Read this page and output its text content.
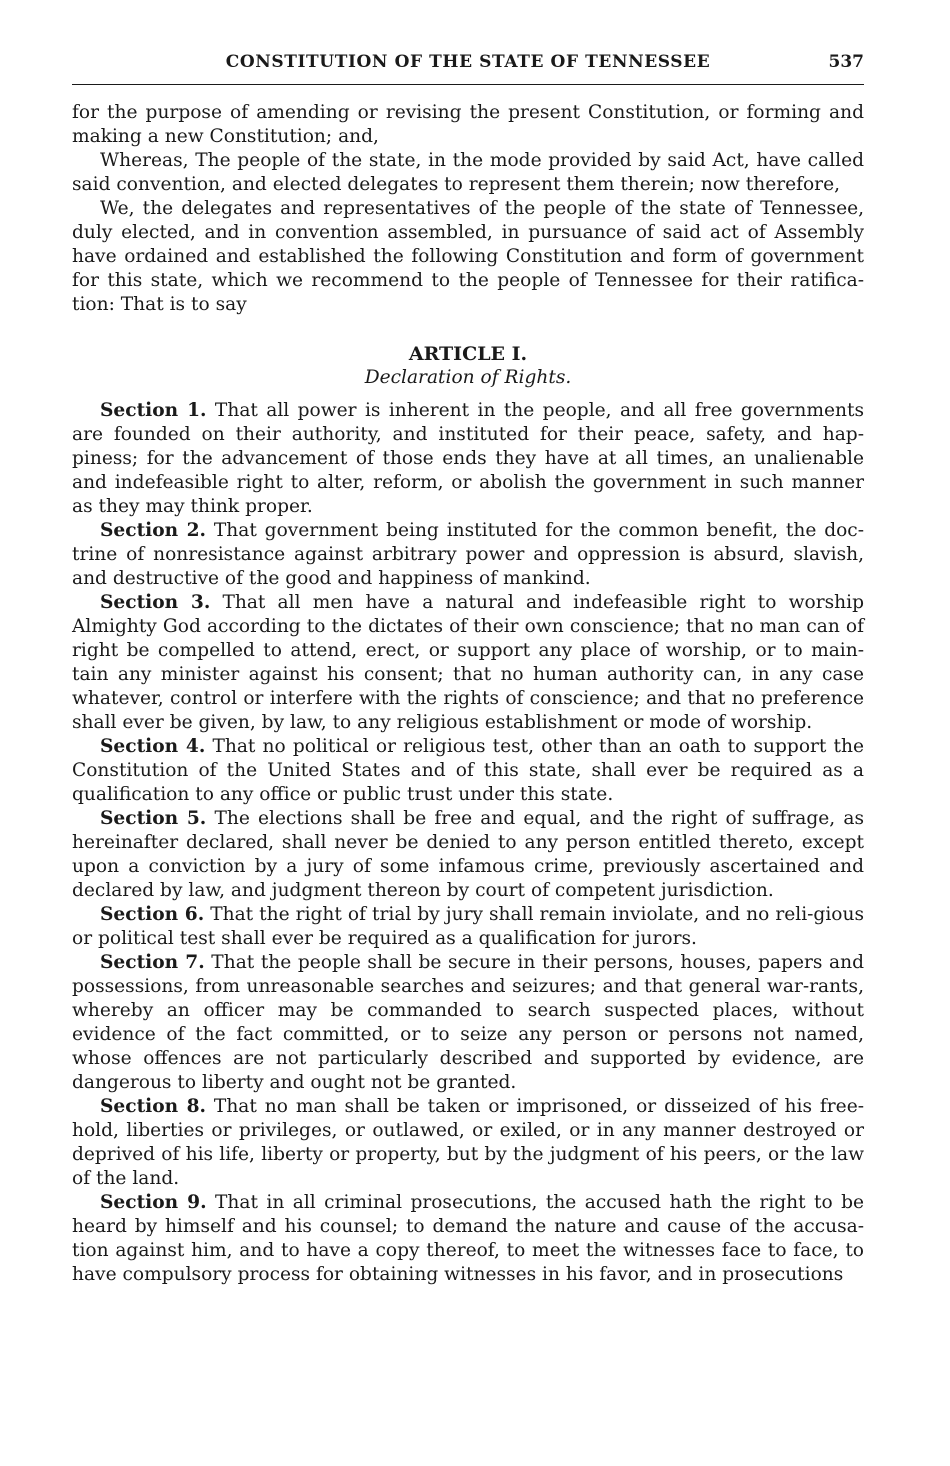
CONSTITUTION OF THE STATE OF TENNESSEE	537

for the purpose of amending or revising the present Constitution, or forming and making a new Constitution; and,

Whereas, The people of the state, in the mode provided by said Act, have called said convention, and elected delegates to represent them therein; now therefore,

We, the delegates and representatives of the people of the state of Tennessee, duly elected, and in convention assembled, in pursuance of said act of Assembly have ordained and established the following Constitution and form of government for this state, which we recommend to the people of Tennessee for their ratifica-tion: That is to say

ARTICLE I.
Declaration of Rights.

Section 1. That all power is inherent in the people, and all free governments are founded on their authority, and instituted for their peace, safety, and hap-piness; for the advancement of those ends they have at all times, an unalienable and indefeasible right to alter, reform, or abolish the government in such manner as they may think proper.

Section 2. That government being instituted for the common benefit, the doc-trine of nonresistance against arbitrary power and oppression is absurd, slavish, and destructive of the good and happiness of mankind.

Section 3. That all men have a natural and indefeasible right to worship Almighty God according to the dictates of their own conscience; that no man can of right be compelled to attend, erect, or support any place of worship, or to main-tain any minister against his consent; that no human authority can, in any case whatever, control or interfere with the rights of conscience; and that no preference shall ever be given, by law, to any religious establishment or mode of worship.

Section 4. That no political or religious test, other than an oath to support the Constitution of the United States and of this state, shall ever be required as a qualification to any office or public trust under this state.

Section 5. The elections shall be free and equal, and the right of suffrage, as hereinafter declared, shall never be denied to any person entitled thereto, except upon a conviction by a jury of some infamous crime, previously ascertained and declared by law, and judgment thereon by court of competent jurisdiction.

Section 6. That the right of trial by jury shall remain inviolate, and no reli-gious or political test shall ever be required as a qualification for jurors.

Section 7. That the people shall be secure in their persons, houses, papers and possessions, from unreasonable searches and seizures; and that general war-rants, whereby an officer may be commanded to search suspected places, without evidence of the fact committed, or to seize any person or persons not named, whose offences are not particularly described and supported by evidence, are dangerous to liberty and ought not be granted.

Section 8. That no man shall be taken or imprisoned, or disseized of his free-hold, liberties or privileges, or outlawed, or exiled, or in any manner destroyed or deprived of his life, liberty or property, but by the judgment of his peers, or the law of the land.

Section 9. That in all criminal prosecutions, the accused hath the right to be heard by himself and his counsel; to demand the nature and cause of the accusa-tion against him, and to have a copy thereof, to meet the witnesses face to face, to have compulsory process for obtaining witnesses in his favor, and in prosecutions
